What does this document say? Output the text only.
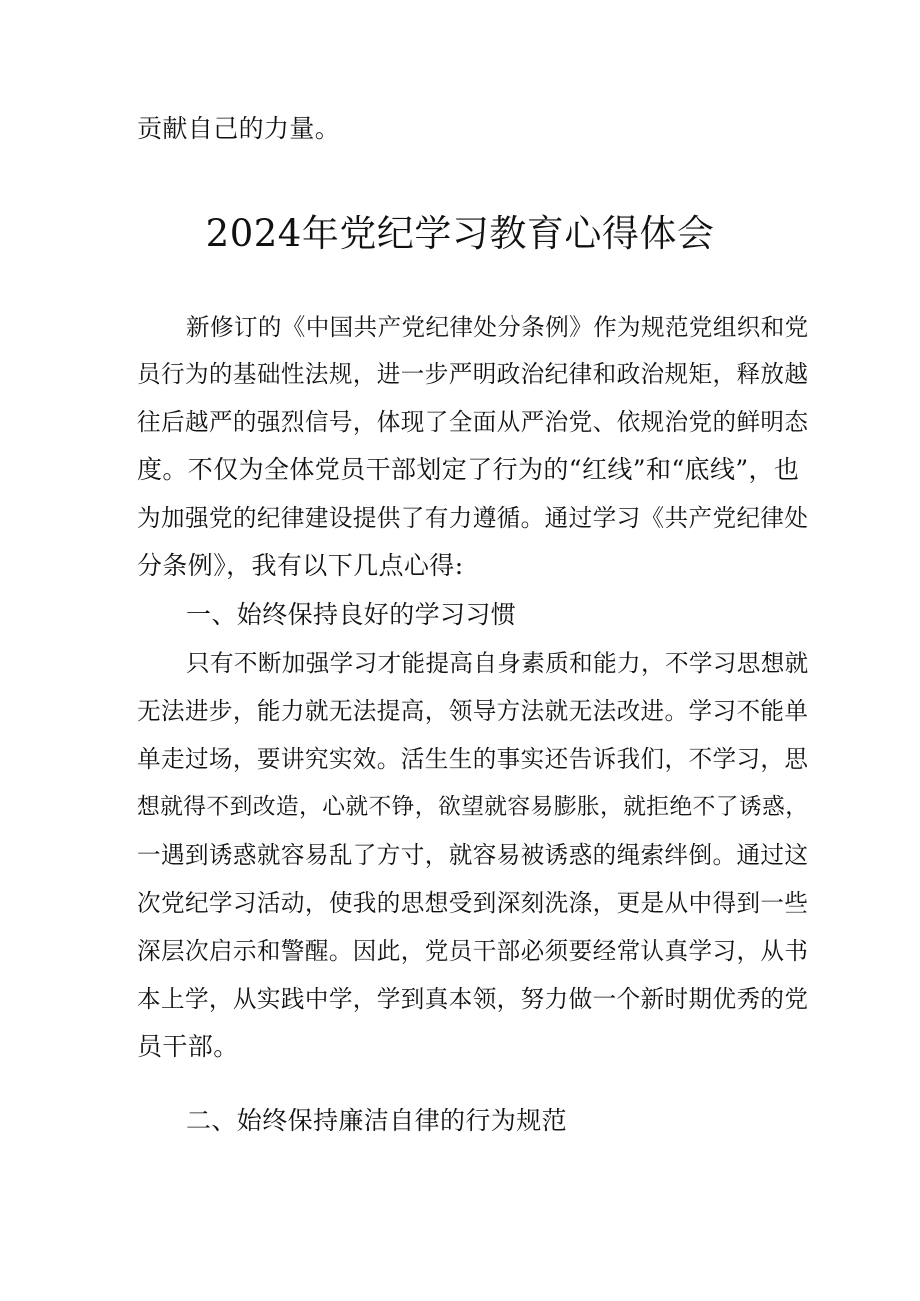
贡献自己的力量。
2024年党纪学习教育心得体会
新修订的《中国共产党纪律处分条例》作为规范党组织和党
员行为的基础性法规，进一步严明政治纪律和政治规矩，释放越
往后越严的强烈信号，体现了全面从严治党、依规治党的鲜明态
度。不仅为全体党员干部划定了行为的“红线”和“底线”，也
为加强党的纪律建设提供了有力遵循。通过学习《共产党纪律处
分条例》，我有以下几点心得:
一、始终保持良好的学习习惯
只有不断加强学习才能提高自身素质和能力，不学习思想就
无法进步，能力就无法提高，领导方法就无法改进。学习不能单
单走过场，要讲究实效。活生生的事实还告诉我们，不学习，思
想就得不到改造，心就不铮，欲望就容易膨胀，就拒绝不了诱惑，
一遇到诱惑就容易乱了方寸，就容易被诱惑的绳索绊倒。通过这
次党纪学习活动，使我的思想受到深刻洗涤，更是从中得到一些
深层次启示和警醒。因此，党员干部必须要经常认真学习，从书
本上学，从实践中学，学到真本领，努力做一个新时期优秀的党
员干部。
二、始终保持廉洁自律的行为规范
